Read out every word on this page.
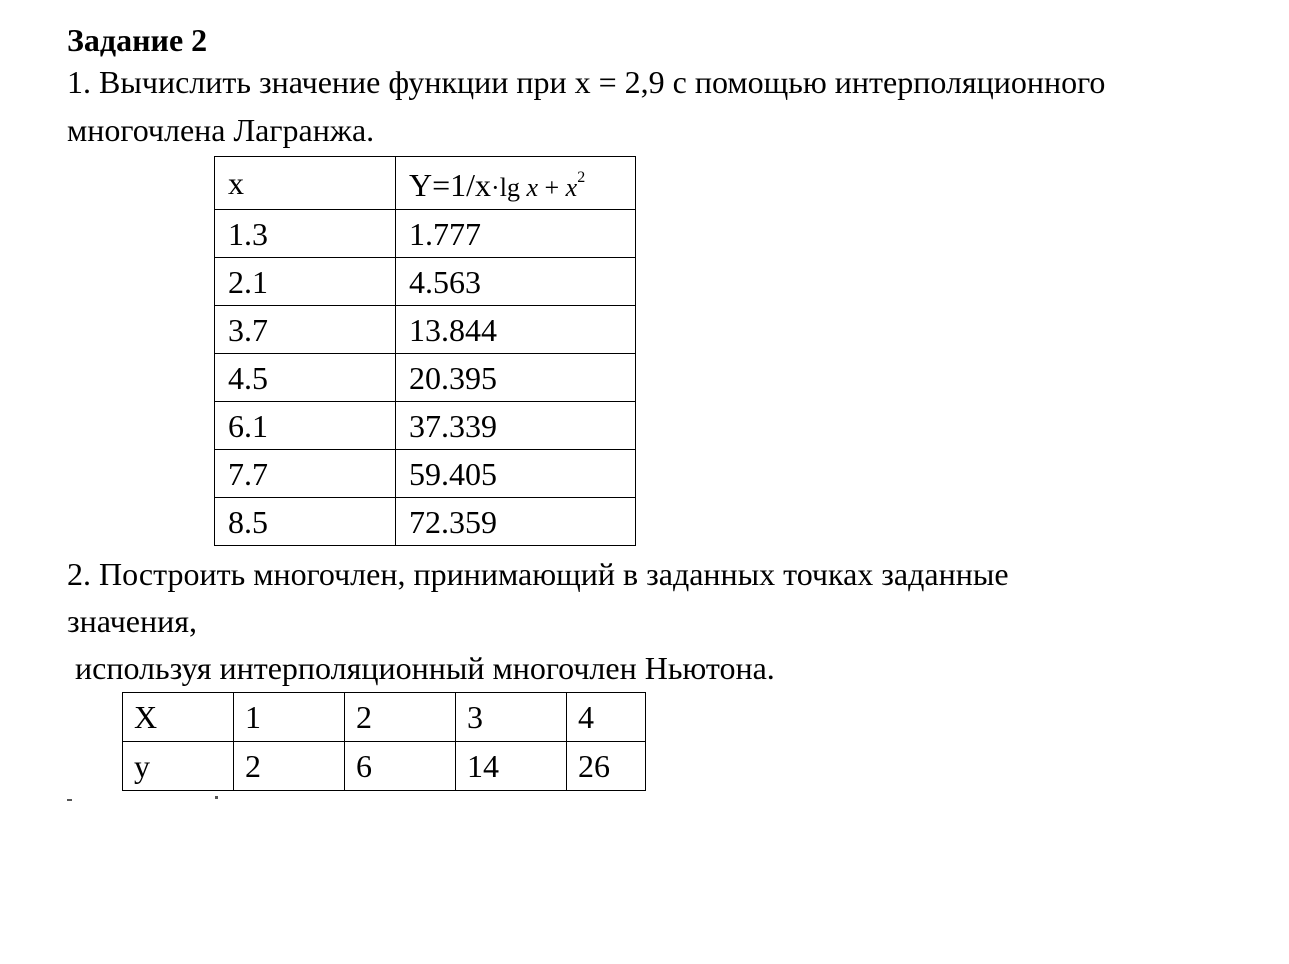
Задание 2
1. Вычислить значение функции при x = 2,9 с помощью интерполяционного
многочлена Лагранжа.
x	Y=1/x·lg $x + x^2$
1.3	1.777
2.1	4.563
3.7	13.844
4.5	20.395
6.1	37.339
7.7	59.405
8.5	72.359
2. Построить многочлен, принимающий в заданных точках заданные
значения,
используя интерполяционный многочлен Ньютона.
X	1	2	3	4
y	2	6	14	26
